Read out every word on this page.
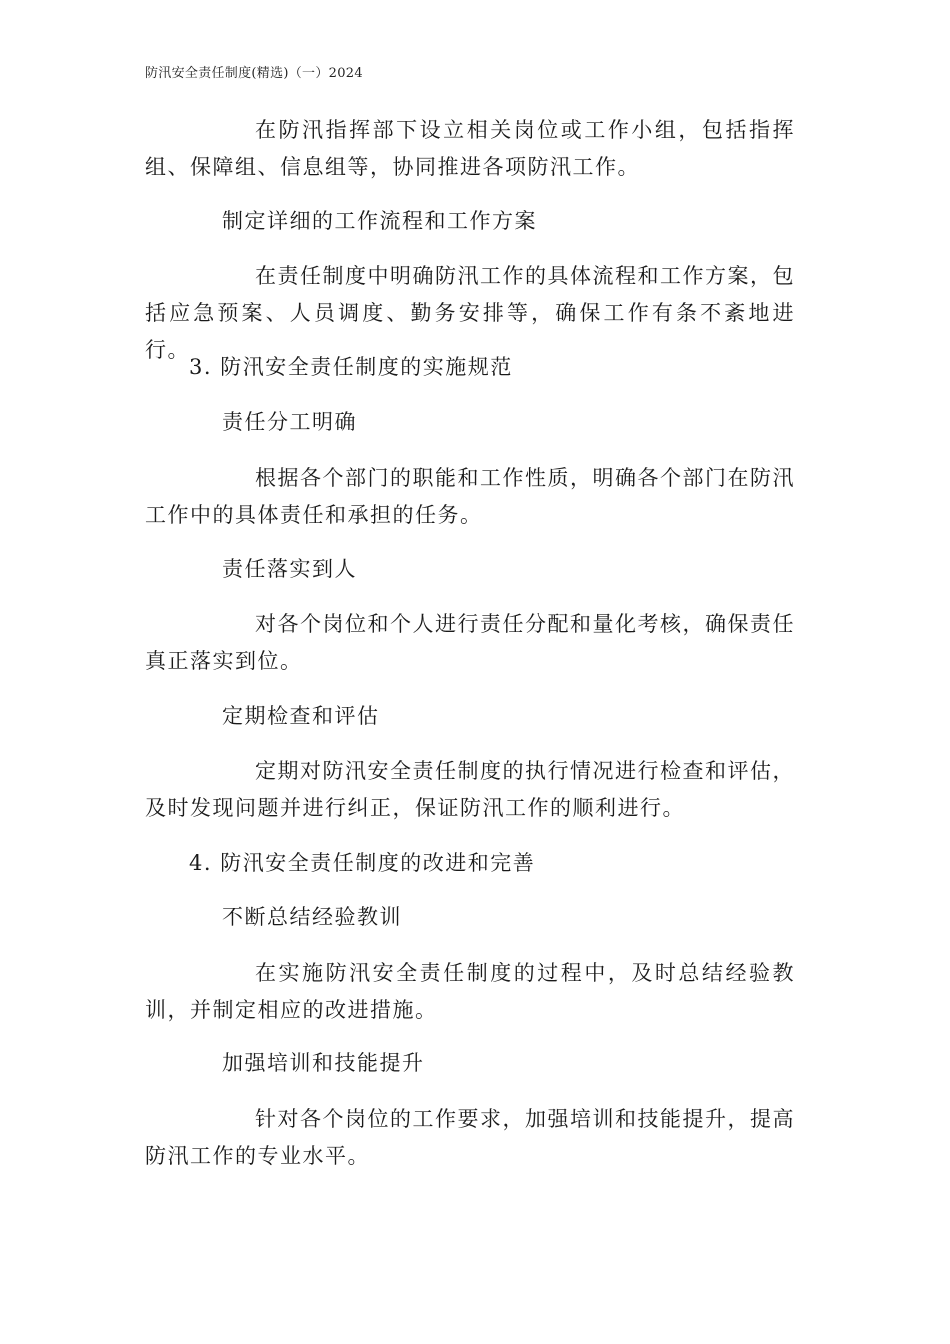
防汛安全责任制度(精选)（一）2024
在防汛指挥部下设立相关岗位或工作小组，包括指挥组、保障组、信息组等，协同推进各项防汛工作。
制定详细的工作流程和工作方案
在责任制度中明确防汛工作的具体流程和工作方案，包括应急预案、人员调度、勤务安排等，确保工作有条不紊地进行。
3. 防汛安全责任制度的实施规范
责任分工明确
根据各个部门的职能和工作性质，明确各个部门在防汛工作中的具体责任和承担的任务。
责任落实到人
对各个岗位和个人进行责任分配和量化考核，确保责任真正落实到位。
定期检查和评估
定期对防汛安全责任制度的执行情况进行检查和评估，及时发现问题并进行纠正，保证防汛工作的顺利进行。
4. 防汛安全责任制度的改进和完善
不断总结经验教训
在实施防汛安全责任制度的过程中，及时总结经验教训，并制定相应的改进措施。
加强培训和技能提升
针对各个岗位的工作要求，加强培训和技能提升，提高防汛工作的专业水平。
